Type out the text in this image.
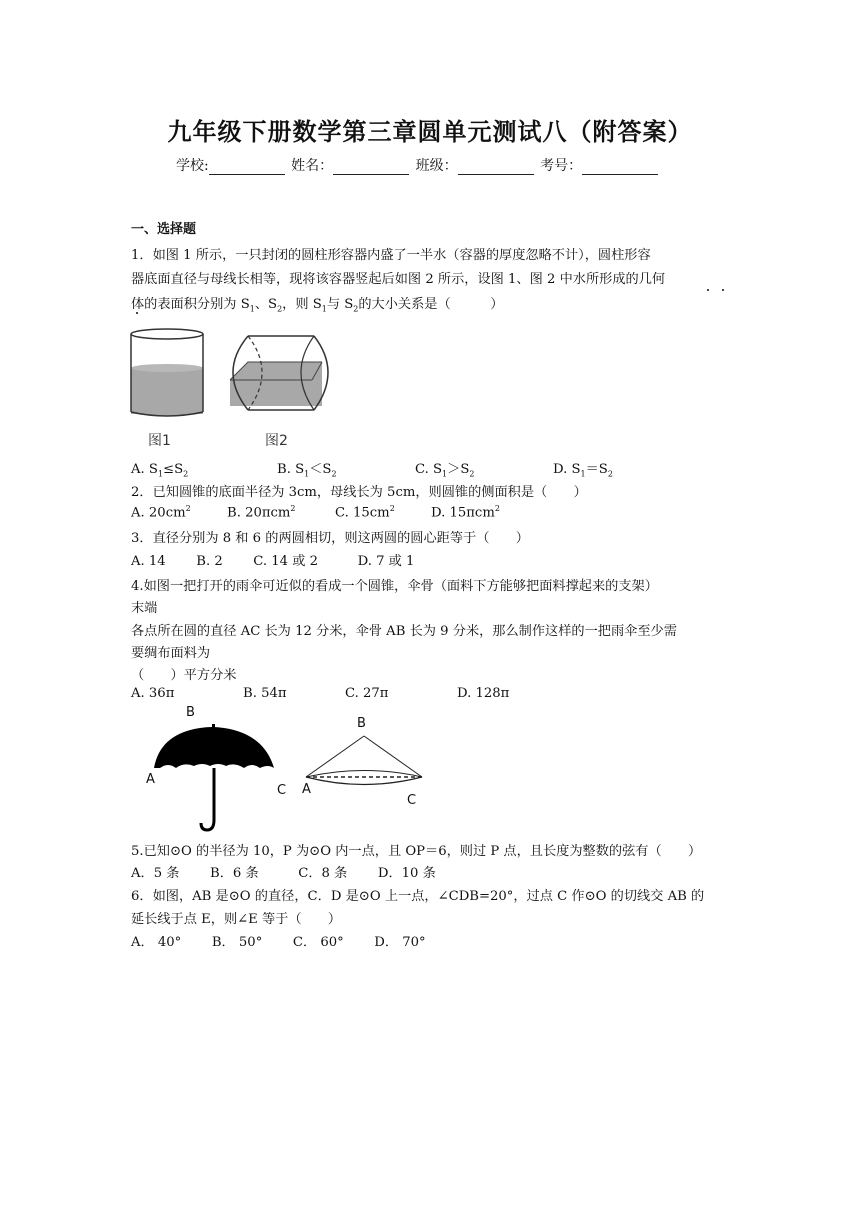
九年级下册数学第三章圆单元测试八（附答案）
学校:	姓名：	班级：	考号：
一、选择题
1．如图 1 所示，一只封闭的圆柱形容器内盛了一半水（容器的厚度忽略不计），圆柱形容
器底面直径与母线长相等，现将该容器竖起后如图 2 所示，设图 1、图 2 中水所形成的几何
体的表面积分别为 $S_1$、$S_2$，则 $S_1$与 $S_2$的大小关系是（　　　）
图1	图2
A. $S_1\le S_2$	B. $S_1<S_2$	C. $S_1>S_2$	D. $S_1=S_2$
2．已知圆锥的底面半径为 3cm，母线长为 5cm，则圆锥的侧面积是（　　）
A. $20cm^2$	B. 20πcm$^2$	C. $15cm^2$	D. 15πcm$^2$
3．直径分别为 8 和 6 的两圆相切，则这两圆的圆心距等于（　　）
A. 14　　 B. 2　　 C. 14 或 2　　　D. 7 或 1
4.如图一把打开的雨伞可近似的看成一个圆锥，伞骨（面料下方能够把面料撑起来的支架）
末端
各点所在圆的直径 AC 长为 12 分米，伞骨 AB 长为 9 分米，那么制作这样的一把雨伞至少需
要绸布面料为
（　　）平方分米
A. 36π	B. 54π	C. 27π	D. 128π
B
A
C
B
A
C
5.已知⊙O 的半径为 10，P 为⊙O 内一点，且 OP＝6，则过 P 点，且长度为整数的弦有（　　）
A．5 条　　 B．6 条　　　C．8 条　　 D．10 条
6．如图，AB 是⊙O 的直径，C．D 是⊙O 上一点，∠CDB=20°，过点 C 作⊙O 的切线交 AB 的
延长线于点 E，则∠E 等于（　　）
A． 40°　　 B． 50°　　 C． 60°　　 D． 70°
